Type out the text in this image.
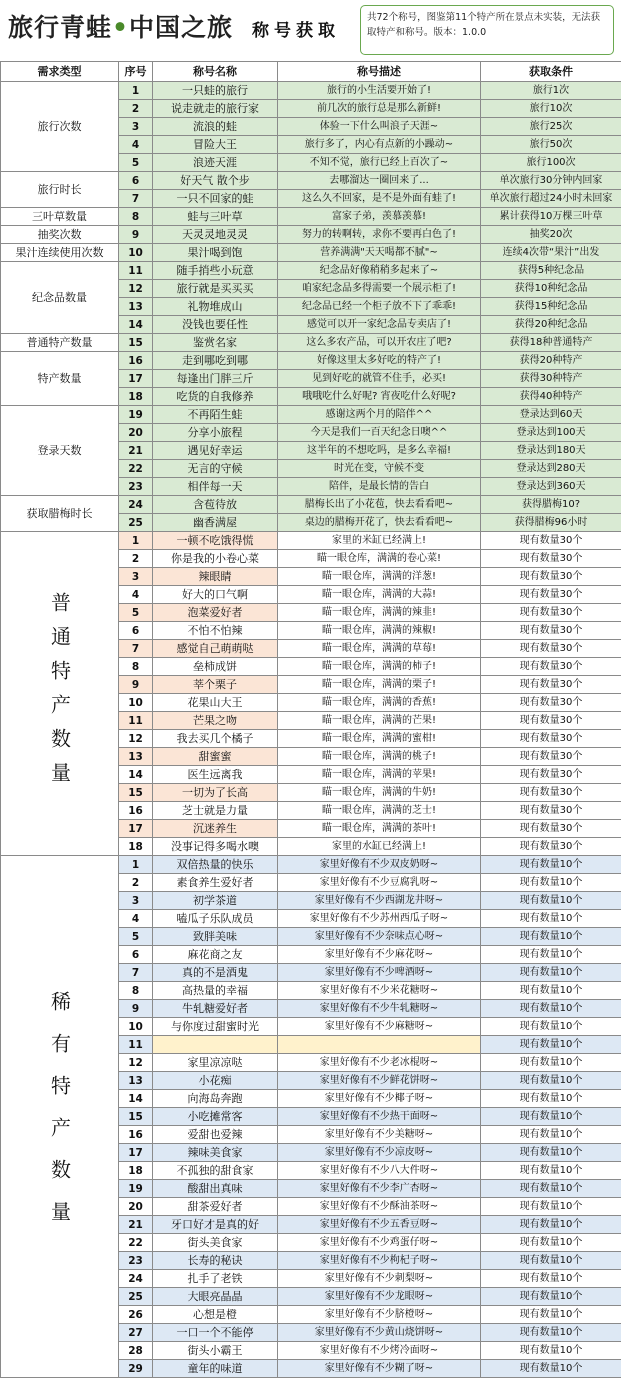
旅行青蛙•中国之旅 称号获取
共72个称号，图鉴第11个特产所在景点未实装，无法获取特产和称号。版本：1.0.0
需求类型	序号	称号名称	称号描述	获取条件
旅行次数	1	一只蛙的旅行	旅行的小生活要开始了!	旅行1次
	2	说走就走的旅行家	前几次的旅行总是那么新鲜!	旅行10次
	3	流浪的蛙	体验一下什么叫浪子天涯~	旅行25次
	4	冒险大王	旅行多了，内心有点新的小躁动~	旅行50次
	5	浪迹天涯	不知不觉，旅行已经上百次了~	旅行100次
旅行时长	6	好天气 散个步	去哪溜达一圈回来了...	单次旅行30分钟内回家
	7	一只不回家的蛙	这么久不回家，是不是外面有蛙了!	单次旅行超过24小时未回家
三叶草数量	8	蛙与三叶草	富家子弟，羡慕羡慕!	累计获得10万棵三叶草
抽奖次数	9	天灵灵地灵灵	努力的转啊转，求你不要再白色了!	抽奖20次
果汁连续使用次数	10	果汁喝到饱	营养满满"天天喝都不腻"~	连续4次带“果汁”出发
纪念品数量	11	随手捎些小玩意	纪念品好像稍稍多起来了~	获得5种纪念品
	12	旅行就是买买买	咱家纪念品多得需要一个展示柜了!	获得10种纪念品
	13	礼物堆成山	纪念品已经一个柜子放不下了乖乖!	获得15种纪念品
	14	没钱也要任性	感觉可以开一家纪念品专卖店了!	获得20种纪念品
普通特产数量	15	鉴赏名家	这么多农产品，可以开农庄了吧?	获得18种普通特产
特产数量	16	走到哪吃到哪	好像这里太多好吃的特产了!	获得20种特产
	17	每逢出门胖三斤	见到好吃的就管不住手，必买!	获得30种特产
	18	吃货的自我修养	哦哦吃什么好呢? 宵夜吃什么好呢?	获得40种特产
登录天数	19	不再陌生蛙	感谢这两个月的陪伴^^	登录达到60天
	20	分享小旅程	今天是我们一百天纪念日噢^^	登录达到100天
	21	遇见好幸运	这半年的不想吃吗，是多么幸福!	登录达到180天
	22	无言的守候	时光在变，守候不变	登录达到280天
	23	相伴每一天	陪伴，是最长情的告白	登录达到360天
获取腊梅时长	24	含苞待放	腊梅长出了小花苞，快去看看吧~	获得腊梅10?
	25	幽香满屋	桌边的腊梅开花了，快去看看吧~	获得腊梅96小时
普通特产数量	1	一顿不吃饿得慌	家里的米缸已经满上!	现有数量30个
	2	你是我的小卷心菜	瞄一眼仓库，满满的卷心菜!	现有数量30个
	3	辣眼睛	瞄一眼仓库，满满的洋葱!	现有数量30个
	4	好大的口气啊	瞄一眼仓库，满满的大蒜!	现有数量30个
	5	泡菜爱好者	瞄一眼仓库，满满的辣韭!	现有数量30个
	6	不怕不怕辣	瞄一眼仓库，满满的辣椒!	现有数量30个
	7	感觉自己萌萌哒	瞄一眼仓库，满满的草莓!	现有数量30个
	8	垒柿成饼	瞄一眼仓库，满满的柿子!	现有数量30个
	9	莘个栗子	瞄一眼仓库，满满的栗子!	现有数量30个
	10	花果山大王	瞄一眼仓库，满满的香蕉!	现有数量30个
	11	芒果之吻	瞄一眼仓库，满满的芒果!	现有数量30个
	12	我去买几个橘子	瞄一眼仓库，满满的蜜柑!	现有数量30个
	13	甜蜜蜜	瞄一眼仓库，满满的桃子!	现有数量30个
	14	医生远离我	瞄一眼仓库，满满的苹果!	现有数量30个
	15	一切为了长高	瞄一眼仓库，满满的牛奶!	现有数量30个
	16	芝士就是力量	瞄一眼仓库，满满的芝士!	现有数量30个
	17	沉迷养生	瞄一眼仓库，满满的茶叶!	现有数量30个
	18	没事记得多喝水噢	家里的水缸已经满上!	现有数量30个
稀有特产数量	1	双倍热量的快乐	家里好像有不少双皮奶呀~	现有数量10个
	2	素食养生爱好者	家里好像有不少豆腐乳呀~	现有数量10个
	3	初学茶道	家里好像有不少西湖龙井呀~	现有数量10个
	4	嗑瓜子乐队成员	家里好像有不少苏州西瓜子呀~	现有数量10个
	5	致胖美味	家里好像有不少奈味点心呀~	现有数量10个
	6	麻花商之友	家里好像有不少麻花呀~	现有数量10个
	7	真的不是酒鬼	家里好像有不少啤酒呀~	现有数量10个
	8	高热量的幸福	家里好像有不少米花糖呀~	现有数量10个
	9	牛轧糖爱好者	家里好像有不少牛轧糖呀~	现有数量10个
	10	与你度过甜蜜时光	家里好像有不少麻糖呀~	现有数量10个
	11			现有数量10个
	12	家里凉凉哒	家里好像有不少老冰棍呀~	现有数量10个
	13	小花痴	家里好像有不少鲜花饼呀~	现有数量10个
	14	向海岛奔跑	家里好像有不少椰子呀~	现有数量10个
	15	小吃摊常客	家里好像有不少热干面呀~	现有数量10个
	16	爱甜也爱辣	家里好像有不少美糖呀~	现有数量10个
	17	辣味美食家	家里好像有不少凉皮呀~	现有数量10个
	18	不孤独的甜食家	家里好像有不少八大件呀~	现有数量10个
	19	酸甜出真味	家里好像有不少李广杏呀~	现有数量10个
	20	甜茶爱好者	家里好像有不少酥油茶呀~	现有数量10个
	21	牙口好才是真的好	家里好像有不少五香豆呀~	现有数量10个
	22	街头美食家	家里好像有不少鸡蛋仔呀~	现有数量10个
	23	长寿的秘诀	家里好像有不少枸杞子呀~	现有数量10个
	24	扎手了老铁	家里好像有不少刺梨呀~	现有数量10个
	25	大眼亮晶晶	家里好像有不少龙眼呀~	现有数量10个
	26	心想是橙	家里好像有不少脐橙呀~	现有数量10个
	27	一口一个不能停	家里好像有不少黄山烧饼呀~	现有数量10个
	28	街头小霸王	家里好像有不少烤冷面呀~	现有数量10个
	29	童年的味道	家里好像有不少糊了呀~	现有数量10个
